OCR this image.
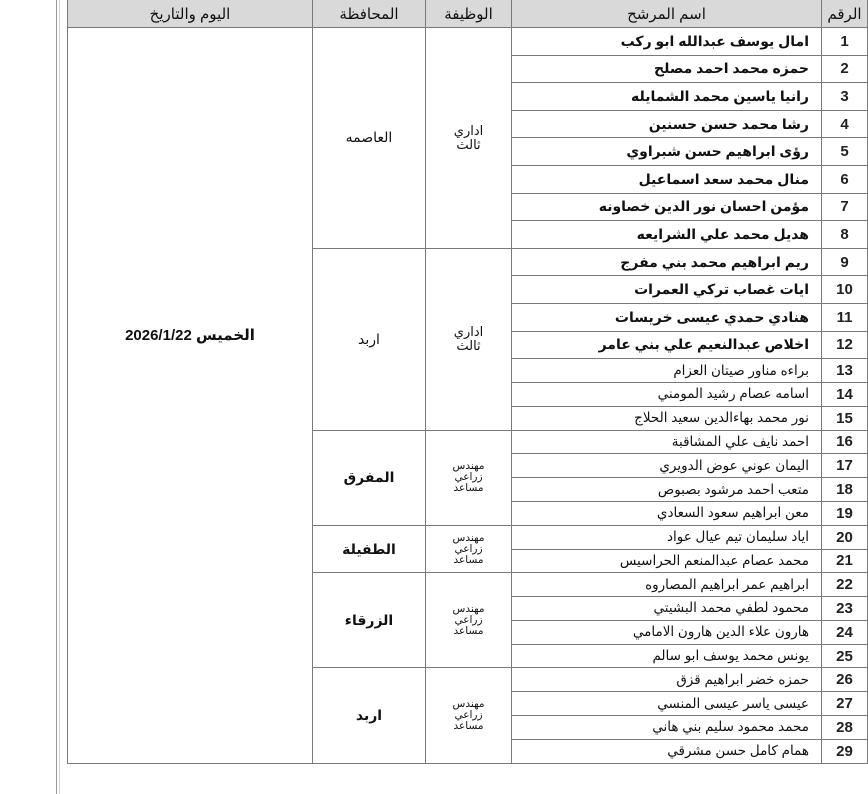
الرقم	اسم المرشح	الوظيفة	المحافظة	اليوم والتاريخ
1	امال يوسف عبدالله ابو ركب	اداري ثالث	العاصمه	الخميس 2026/1/22
2	حمزه محمد احمد مصلح			
3	رانيا ياسين محمد الشمايله			
4	رشا محمد حسن حسنين			
5	رؤى ابراهيم حسن شبراوي			
6	منال محمد سعد اسماعيل			
7	مؤمن احسان نور الدين خصاونه			
8	هديل محمد علي الشرايعه			
9	ريم ابراهيم محمد بني مفرج	اداري ثالث	اربد	
10	ايات غصاب تركي العمرات			
11	هنادي حمدي عيسى خريسات			
12	اخلاص عبدالنعيم علي بني عامر			
13	براءه مناور صيتان العزام			
14	اسامه عصام رشيد المومني			
15	نور محمد بهاءالدين سعيد الحلاج			
16	احمد نايف علي المشاقبة	مهندس زراعي مساعد	المفرق	
17	اليمان عوني عوض الدويري			
18	متعب احمد مرشود بصبوص			
19	معن ابراهيم سعود السعادي			
20	اياد سليمان تيم عيال عواد	مهندس زراعي مساعد	الطفيلة	
21	محمد عصام عبدالمنعم الحراسيس			
22	ابراهيم عمر ابراهيم المصاروه	مهندس زراعي مساعد	الزرقاء	
23	محمود لطفي محمد البشيتي			
24	هارون علاء الدين هارون الامامي			
25	يونس محمد يوسف ابو سالم			
26	حمزه خضر ابراهيم قزق	مهندس زراعي مساعد	اربد	
27	عيسى ياسر عيسى المنسي			
28	محمد محمود سليم بني هاني			
29	همام كامل حسن مشرقي			
